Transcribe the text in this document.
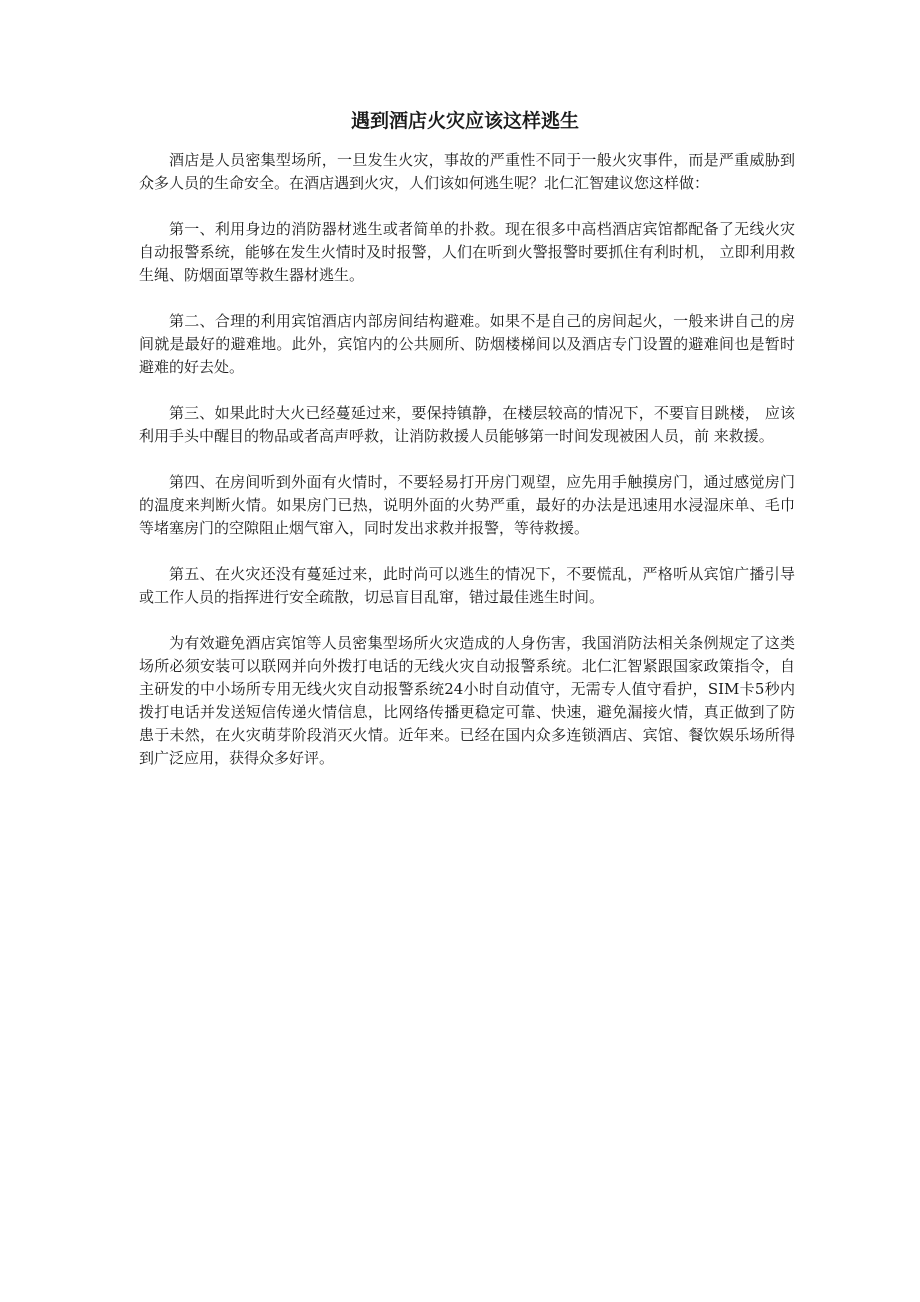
遇到酒店火灾应该这样逃生

酒店是人员密集型场所，一旦发生火灾，事故的严重性不同于一般火灾事件，而是严重威胁到众多人员的生命安全。在酒店遇到火灾，人们该如何逃生呢？北仁汇智建议您这样做：

第一、利用身边的消防器材逃生或者简单的扑救。现在很多中高档酒店宾馆都配备了无线火灾自动报警系统，能够在发生火情时及时报警，人们在听到火警报警时要抓住有利时机， 立即利用救生绳、防烟面罩等救生器材逃生。

第二、合理的利用宾馆酒店内部房间结构避难。如果不是自己的房间起火，一般来讲自己的房间就是最好的避难地。此外，宾馆内的公共厕所、防烟楼梯间以及酒店专门设置的避难间也是暂时避难的好去处。

第三、如果此时大火已经蔓延过来，要保持镇静，在楼层较高的情况下，不要盲目跳楼， 应该利用手头中醒目的物品或者高声呼救，让消防救援人员能够第一时间发现被困人员，前 来救援。

第四、在房间听到外面有火情时，不要轻易打开房门观望，应先用手触摸房门，通过感觉房门的温度来判断火情。如果房门已热，说明外面的火势严重，最好的办法是迅速用水浸湿床单、毛巾等堵塞房门的空隙阻止烟气窜入，同时发出求救并报警，等待救援。

第五、在火灾还没有蔓延过来，此时尚可以逃生的情况下，不要慌乱，严格听从宾馆广播引导或工作人员的指挥进行安全疏散，切忌盲目乱窜，错过最佳逃生时间。

为有效避免酒店宾馆等人员密集型场所火灾造成的人身伤害，我国消防法相关条例规定了这类场所必须安装可以联网并向外拨打电话的无线火灾自动报警系统。北仁汇智紧跟国家政策指令，自主研发的中小场所专用无线火灾自动报警系统24小时自动值守，无需专人值守看护，SIM卡5秒内拨打电话并发送短信传递火情信息，比网络传播更稳定可靠、快速，避免漏接火情，真正做到了防患于未然，在火灾萌芽阶段消灭火情。近年来。已经在国内众多连锁酒店、宾馆、餐饮娱乐场所得到广泛应用，获得众多好评。
